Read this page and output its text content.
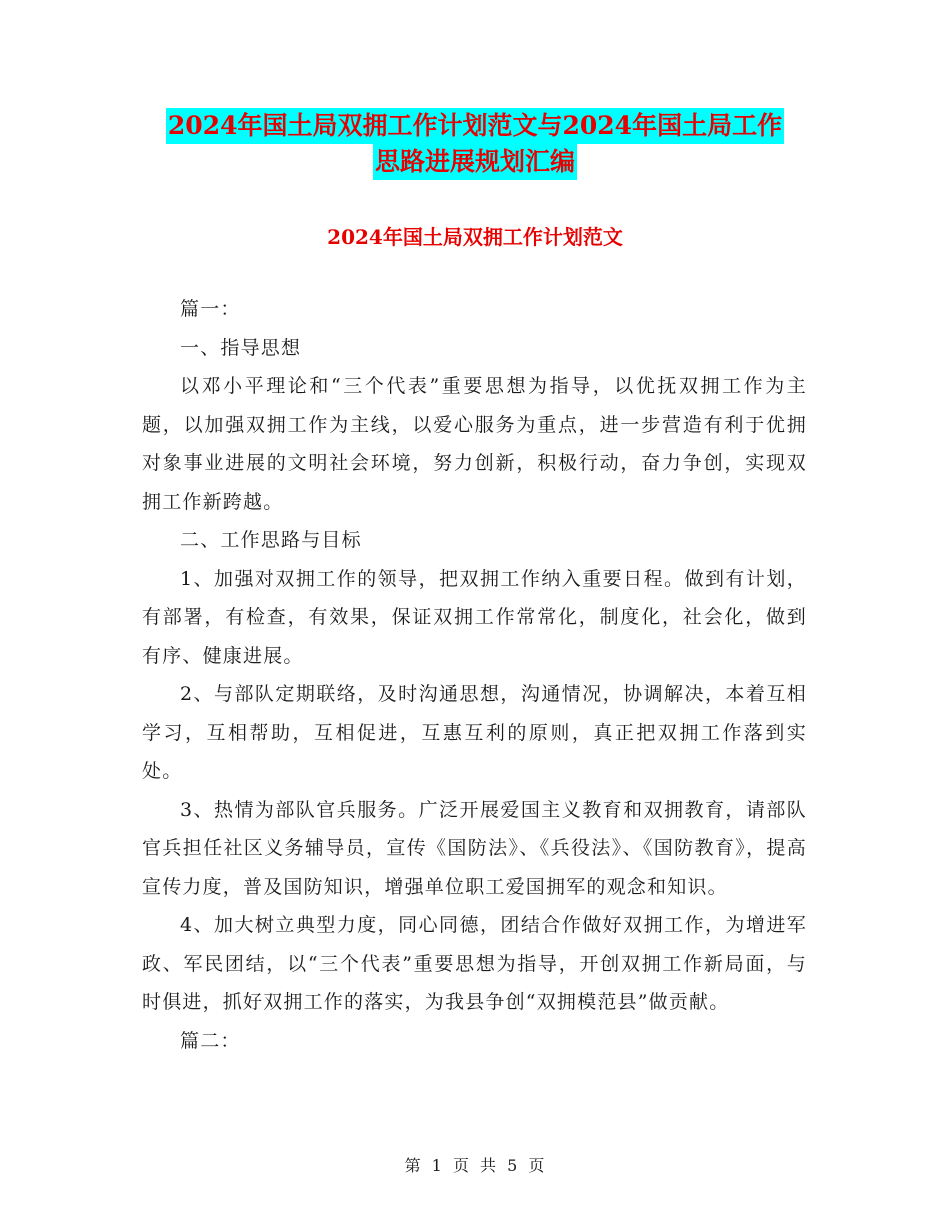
2024年国土局双拥工作计划范文与2024年国土局工作
思路进展规划汇编
2024年国土局双拥工作计划范文

篇一：

一、指导思想

以邓小平理论和“三个代表”重要思想为指导，以优抚双拥工作为主题，以加强双拥工作为主线，以爱心服务为重点，进一步营造有利于优拥对象事业进展的文明社会环境，努力创新，积极行动，奋力争创，实现双拥工作新跨越。

二、工作思路与目标

1、加强对双拥工作的领导，把双拥工作纳入重要日程。做到有计划，有部署，有检查，有效果，保证双拥工作常常化，制度化，社会化，做到有序、健康进展。

2、与部队定期联络，及时沟通思想，沟通情况，协调解决，本着互相学习，互相帮助，互相促进，互惠互利的原则，真正把双拥工作落到实处。

3、热情为部队官兵服务。广泛开展爱国主义教育和双拥教育，请部队官兵担任社区义务辅导员，宣传《国防法》、《兵役法》、《国防教育》，提高宣传力度，普及国防知识，增强单位职工爱国拥军的观念和知识。

4、加大树立典型力度，同心同德，团结合作做好双拥工作，为增进军政、军民团结，以“三个代表”重要思想为指导，开创双拥工作新局面，与时俱进，抓好双拥工作的落实，为我县争创“双拥模范县”做贡献。

篇二：

第 1 页 共 5 页
